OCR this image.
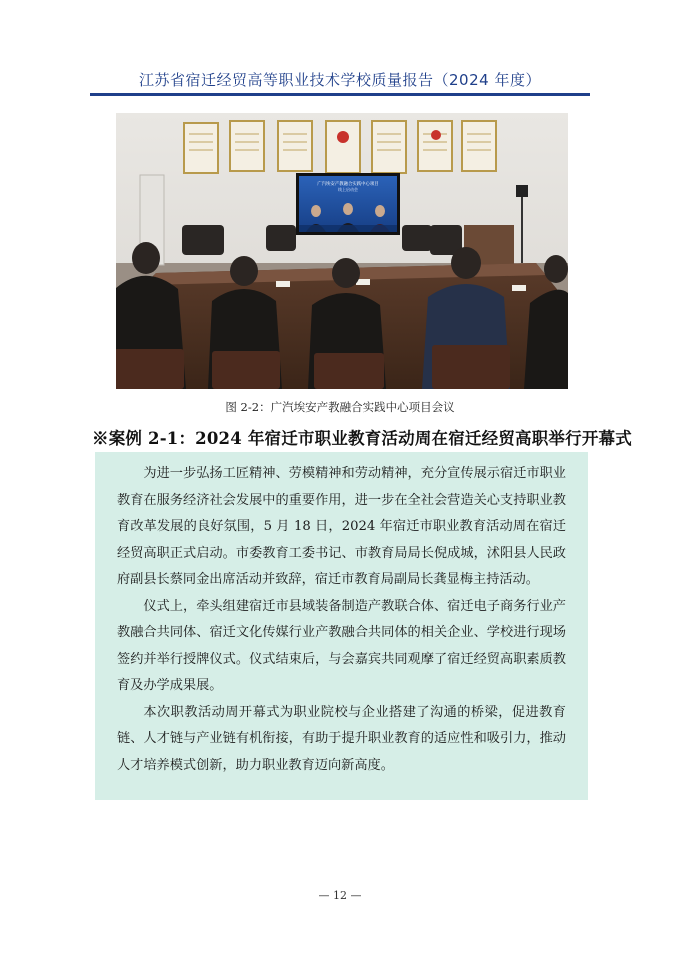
江苏省宿迁经贸高等职业技术学校质量报告（2024 年度）
广汽埃安产教融合实践中心项目
线上启动会
图 2-2：广汽埃安产教融合实践中心项目会议
※案例 2-1：2024 年宿迁市职业教育活动周在宿迁经贸高职举行开幕式

为进一步弘扬工匠精神、劳模精神和劳动精神，充分宣传展示宿迁市职业教育在服务经济社会发展中的重要作用，进一步在全社会营造关心支持职业教育改革发展的良好氛围，5 月 18 日，2024 年宿迁市职业教育活动周在宿迁经贸高职正式启动。市委教育工委书记、市教育局局长倪成城，沭阳县人民政府副县长蔡同金出席活动并致辞，宿迁市教育局副局长龚显梅主持活动。

仪式上，牵头组建宿迁市县域装备制造产教联合体、宿迁电子商务行业产教融合共同体、宿迁文化传媒行业产教融合共同体的相关企业、学校进行现场签约并举行授牌仪式。仪式结束后，与会嘉宾共同观摩了宿迁经贸高职素质教育及办学成果展。

本次职教活动周开幕式为职业院校与企业搭建了沟通的桥梁，促进教育链、人才链与产业链有机衔接，有助于提升职业教育的适应性和吸引力，推动人才培养模式创新，助力职业教育迈向新高度。

— 12 —
